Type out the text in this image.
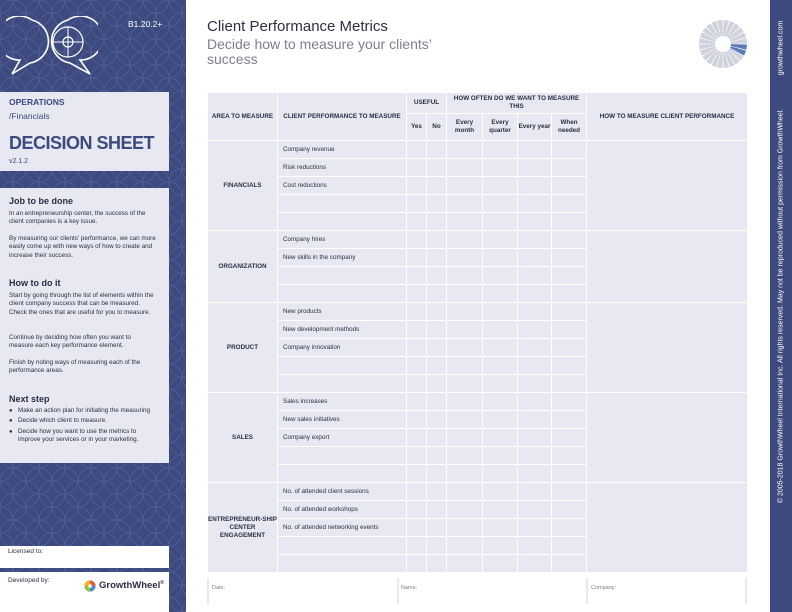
B1.20.2+
OPERATIONS
/Financials
DECISION SHEET
v2.1.2
Job to be done
In an entrepreneurship center, the success of the client companies is a key issue.
By measuring our clients’ performance, we can more easily come up with new ways of how to create and increase their success.
How to do it
Start by going through the list of elements within the client company success that can be measured. Check the ones that are useful for you to measure.
Continue by deciding how often you want to measure each key performance element.
Finish by noting ways of measuring each of the performance areas.
Next step
● Make an action plan for initiating the measuring
● Decide which client to measure.
● Decide how you want to use the metrics to improve your services or in your marketing.
Licensed to:
Developed by:
GrowthWheel®
Client Performance Metrics
Decide how to measure your clients’ success
AREA TO MEASURE	CLIENT PERFORMANCE TO MEASURE	USEFUL		HOW OFTEN DO WE WANT TO MEASURE THIS				HOW TO MEASURE CLIENT PERFORMANCE
		Yes	No	Every month	Every quarter	Every year	When needed	
FINANCIALS	Company revenue							
	Risk reductions							
	Cost reductions							

ORGANIZATION	Company hires							
	New skills in the company							

PRODUCT	New products							
	New development methods							
	Company innovation							

SALES	Sales increases							
	New sales initiatives							
	Company export							

ENTREPRENEUR-SHIP CENTER ENGAGEMENT	No. of attended client sessions							
	No. of attended workshops							
	No. of attended networking events							

Date:	Name:	Company:
growthwheel.com
© 2005-2018 GrowthWheel International Inc. All rights reserved. May not be reproduced without permission from GrowthWheel.
